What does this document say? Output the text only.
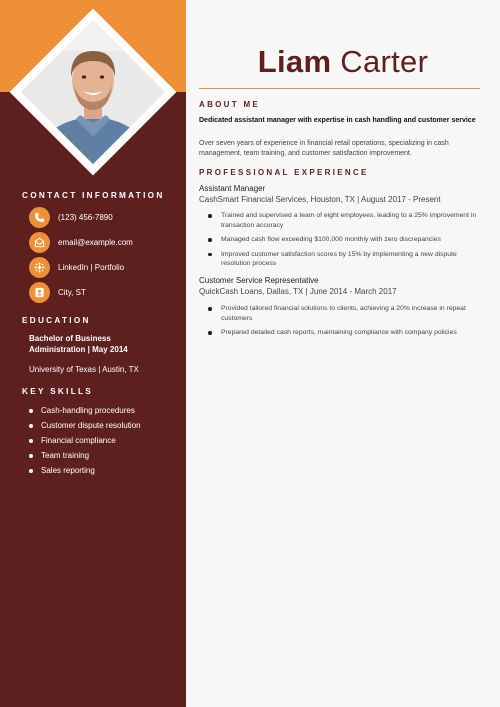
CONTACT INFORMATION
(123) 456-7890
email@example.com
LinkedIn | Portfolio
City, ST
EDUCATION
Bachelor of Business Administration | May 2014
University of Texas | Austin, TX
KEY SKILLS
Cash-handling procedures
Customer dispute resolution
Financial compliance
Team training
Sales reporting
Liam Carter
ABOUT ME
Dedicated assistant manager with expertise in cash handling and customer service
Over seven years of experience in financial retail operations, specializing in cash management, team training, and customer satisfaction improvement.
PROFESSIONAL EXPERIENCE
Assistant Manager
CashSmart Financial Services, Houston, TX | August 2017 - Present
Trained and supervised a team of eight employees, leading to a 25% improvement in transaction accuracy
Managed cash flow exceeding $100,000 monthly with zero discrepancies
Improved customer satisfaction scores by 15% by implementing a new dispute resolution process
Customer Service Representative
QuickCash Loans, Dallas, TX | June 2014 - March 2017
Provided tailored financial solutions to clients, achieving a 20% increase in repeat customers
Prepared detailed cash reports, maintaining compliance with company policies
